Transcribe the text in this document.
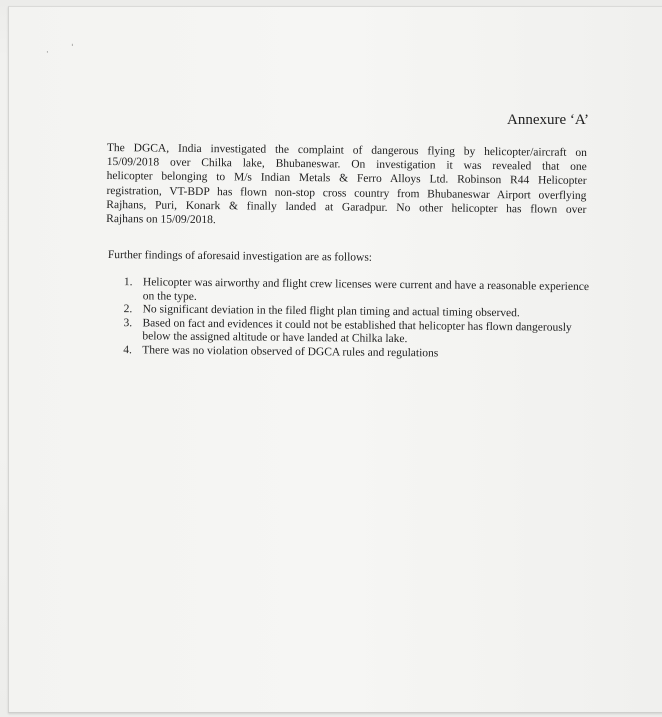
· ˈ
Annexure ‘A’

The DGCA, India investigated the complaint of dangerous flying by helicopter/aircraft on
15/09/2018 over Chilka lake, Bhubaneswar. On investigation it was revealed that one
helicopter belonging to M/s Indian Metals & Ferro Alloys Ltd. Robinson R44 Helicopter
registration, VT-BDP has flown non-stop cross country from Bhubaneswar Airport overflying
Rajhans, Puri, Konark & finally landed at Garadpur. No other helicopter has flown over
Rajhans on 15/09/2018.

Further findings of aforesaid investigation are as follows:

1. Helicopter was airworthy and flight crew licenses were current and have a reasonable experience on the type.
2. No significant deviation in the filed flight plan timing and actual timing observed.
3. Based on fact and evidences it could not be established that helicopter has flown dangerously below the assigned altitude or have landed at Chilka lake.
4. There was no violation observed of DGCA rules and regulations
